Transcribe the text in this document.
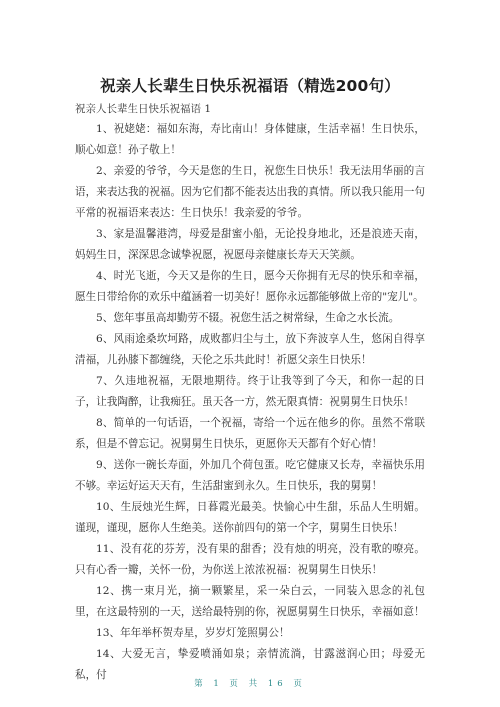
祝亲人长辈生日快乐祝福语（精选200句）
祝亲人长辈生日快乐祝福语 1

1、祝姥姥：福如东海，寿比南山！身体健康，生活幸福！生日快乐，顺心如意！孙子敬上！

2、亲爱的爷爷，今天是您的生日，祝您生日快乐！我无法用华丽的言语，来表达我的祝福。因为它们都不能表达出我的真情。所以我只能用一句平常的祝福语来表达：生日快乐！我亲爱的爷爷。

3、家是温馨港湾，母爱是甜蜜小船，无论投身地北，还是浪迹天南，妈妈生日，深深思念诚挚祝愿，祝愿母亲健康长寿天天笑颜。

4、时光飞逝，今天又是你的生日，愿今天你拥有无尽的快乐和幸福，愿生日带给你的欢乐中蕴涵着一切美好！愿你永远都能够做上帝的"宠儿"。

5、您年事虽高却勤劳不辍。祝您生活之树常绿，生命之水长流。

6、风雨途桑坎坷路，成败都归尘与土，放下奔波享人生，悠闲自得享清福，儿孙膝下都缠绕，天伦之乐共此时！祈愿父亲生日快乐！

7、久违地祝福，无限地期待。终于让我等到了今天，和你一起的日子，让我陶醉，让我痴狂。虽天各一方，然无限真情：祝舅舅生日快乐！

8、简单的一句话语，一个祝福，寄给一个远在他乡的你。虽然不常联系，但是不曾忘记。祝舅舅生日快乐，更愿你天天都有个好心情！

9、送你一碗长寿面，外加几个荷包蛋。吃它健康又长寿，幸福快乐用不够。幸运好运天天有，生活甜蜜到永久。生日快乐，我的舅舅！

10、生辰烛光生辉，日暮霞光最美。快愉心中生甜，乐品人生明媚。谨现，谨现，愿你人生绝美。送你前四句的第一个字，舅舅生日快乐！

11、没有花的芬芳，没有果的甜香；没有烛的明亮，没有歌的嘹亮。只有心香一瓣，关怀一份，为你送上浓浓祝福：祝舅舅生日快乐！

12、携一束月光，摘一颗繁星，采一朵白云，一同装入思念的礼包里，在这最特别的一天，送给最特别的你，祝愿舅舅生日快乐，幸福如意！

13、年年举杯贺寿星，岁岁灯笼照舅公！

14、大爱无言，挚爱喷涌如泉；亲情流淌，甘露滋润心田；母爱无私，付

第 1 页 共 16 页
